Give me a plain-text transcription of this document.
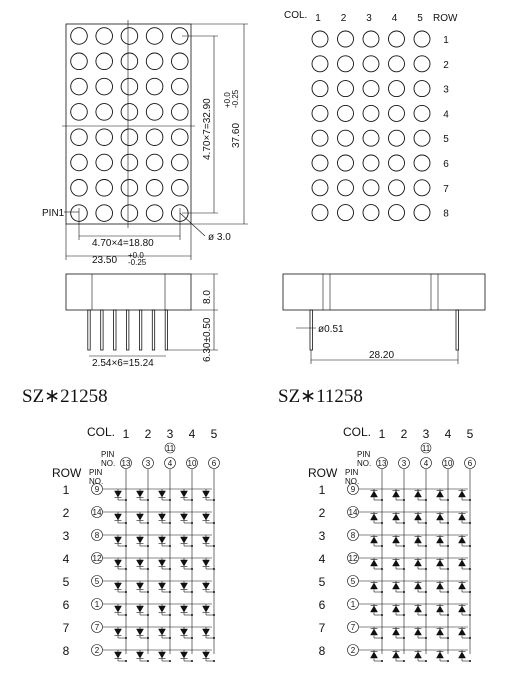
4.70×7=32.90 37.60
+0.0 -0.25
4.70×4=18.80
23.50 +0.0
-0.25
PIN1
ø 3.0
COL.	ROW
1 2 3 4 5
1
2
3
4
5
6
7
8
8.0
6.30±0.50
2.54×6=15.24
ø0.51
28.20
SZ∗21258	SZ∗11258
COL. 1 2 3 4 5
11
PIN
NO. 13 3 4 10 6
ROW PIN
NO.
1
2
3
4
5
6
7
8
9
14
8
12
5
1
7
2
COL. 1 2 3 4 5
11
PIN
NO. 13 3 4 10 6
ROW PIN
NO.
1
2
3
4
5
6
7
8
9
14
8
12
5
1
7
2
